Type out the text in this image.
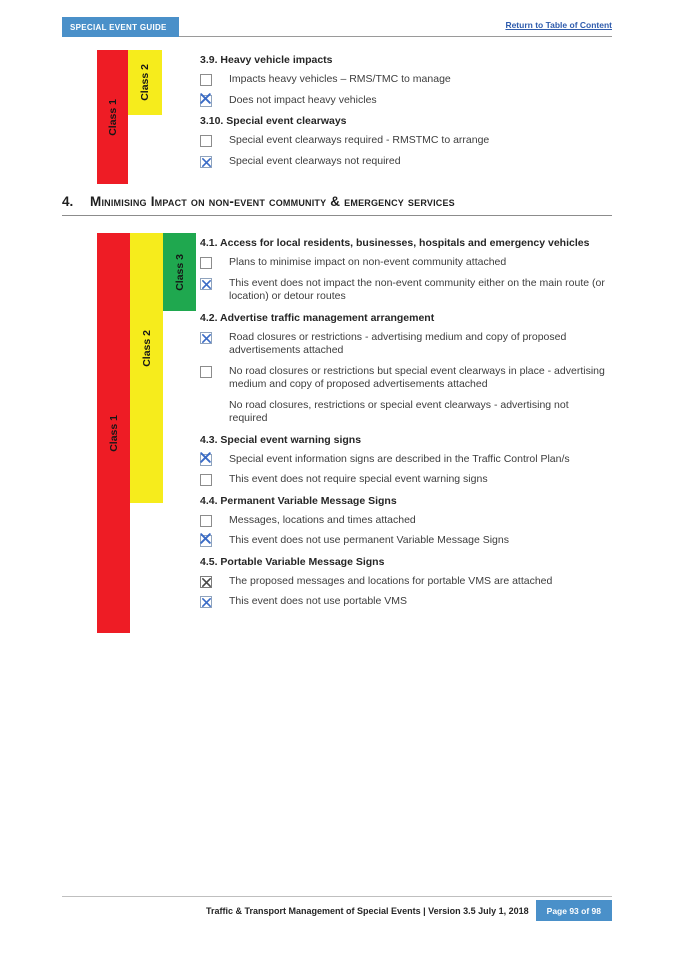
SPECIAL EVENT GUIDE	Return to Table of Content
Class 1
Class 2
3.9. Heavy vehicle impacts
Impacts heavy vehicles – RMS/TMC to manage
Does not impact heavy vehicles
3.10. Special event clearways
Special event clearways required - RMSTMC to arrange
Special event clearways not required
4.	Minimising Impact on non-event community & emergency services
Class 1
Class 2
Class 3
4.1. Access for local residents, businesses, hospitals and emergency vehicles
Plans to minimise impact on non-event community attached
This event does not impact the non-event community either on the main route (or location) or detour routes
4.2. Advertise traffic management arrangement
Road closures or restrictions - advertising medium and copy of proposed advertisements attached
No road closures or restrictions but special event clearways in place - advertising medium and copy of proposed advertisements attached
No road closures, restrictions or special event clearways - advertising not required
4.3. Special event warning signs
Special event information signs are described in the Traffic Control Plan/s
This event does not require special event warning signs
4.4. Permanent Variable Message Signs
Messages, locations and times attached
This event does not use permanent Variable Message Signs
4.5. Portable Variable Message Signs
The proposed messages and locations for portable VMS are attached
This event does not use portable VMS
Traffic & Transport Management of Special Events | Version 3.5 July 1, 2018	Page 93 of 98
